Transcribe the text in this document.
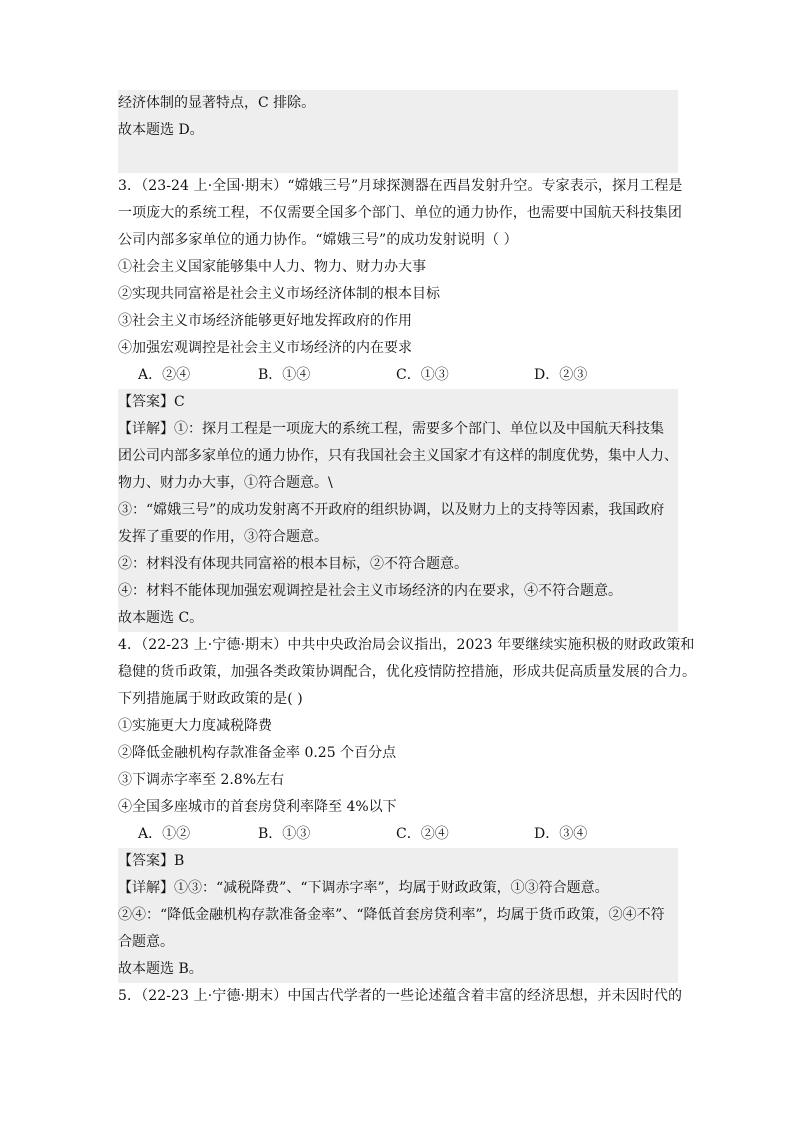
经济体制的显著特点，C 排除。
故本题选 D。
3．（23-24 上·全国·期末）“嫦娥三号”月球探测器在西昌发射升空。专家表示，探月工程是
一项庞大的系统工程，不仅需要全国多个部门、单位的通力协作，也需要中国航天科技集团
公司内部多家单位的通力协作。“嫦娥三号”的成功发射说明（ ）
①社会主义国家能够集中人力、物力、财力办大事
②实现共同富裕是社会主义市场经济体制的根本目标
③社会主义市场经济能够更好地发挥政府的作用
④加强宏观调控是社会主义市场经济的内在要求
A．②④	B．①④	C．①③	D．②③
【答案】C
【详解】①：探月工程是一项庞大的系统工程，需要多个部门、单位以及中国航天科技集
团公司内部多家单位的通力协作，只有我国社会主义国家才有这样的制度优势，集中人力、
物力、财力办大事，①符合题意。\
③：“嫦娥三号”的成功发射离不开政府的组织协调，以及财力上的支持等因素，我国政府
发挥了重要的作用，③符合题意。
②：材料没有体现共同富裕的根本目标，②不符合题意。
④：材料不能体现加强宏观调控是社会主义市场经济的内在要求，④不符合题意。
故本题选 C。
4．（22-23 上·宁德·期末）中共中央政治局会议指出，2023 年要继续实施积极的财政政策和
稳健的货币政策，加强各类政策协调配合，优化疫情防控措施，形成共促高质量发展的合力。
下列措施属于财政政策的是( )
①实施更大力度减税降费
②降低金融机构存款准备金率 0.25 个百分点
③下调赤字率至 2.8%左右
④全国多座城市的首套房贷利率降至 4%以下
A．①②	B．①③	C．②④	D．③④
【答案】B
【详解】①③：“减税降费”、“下调赤字率”，均属于财政政策，①③符合题意。
②④：“降低金融机构存款准备金率”、“降低首套房贷利率”，均属于货币政策，②④不符
合题意。
故本题选 B。
5．（22-23 上·宁德·期末）中国古代学者的一些论述蕴含着丰富的经济思想，并未因时代的
